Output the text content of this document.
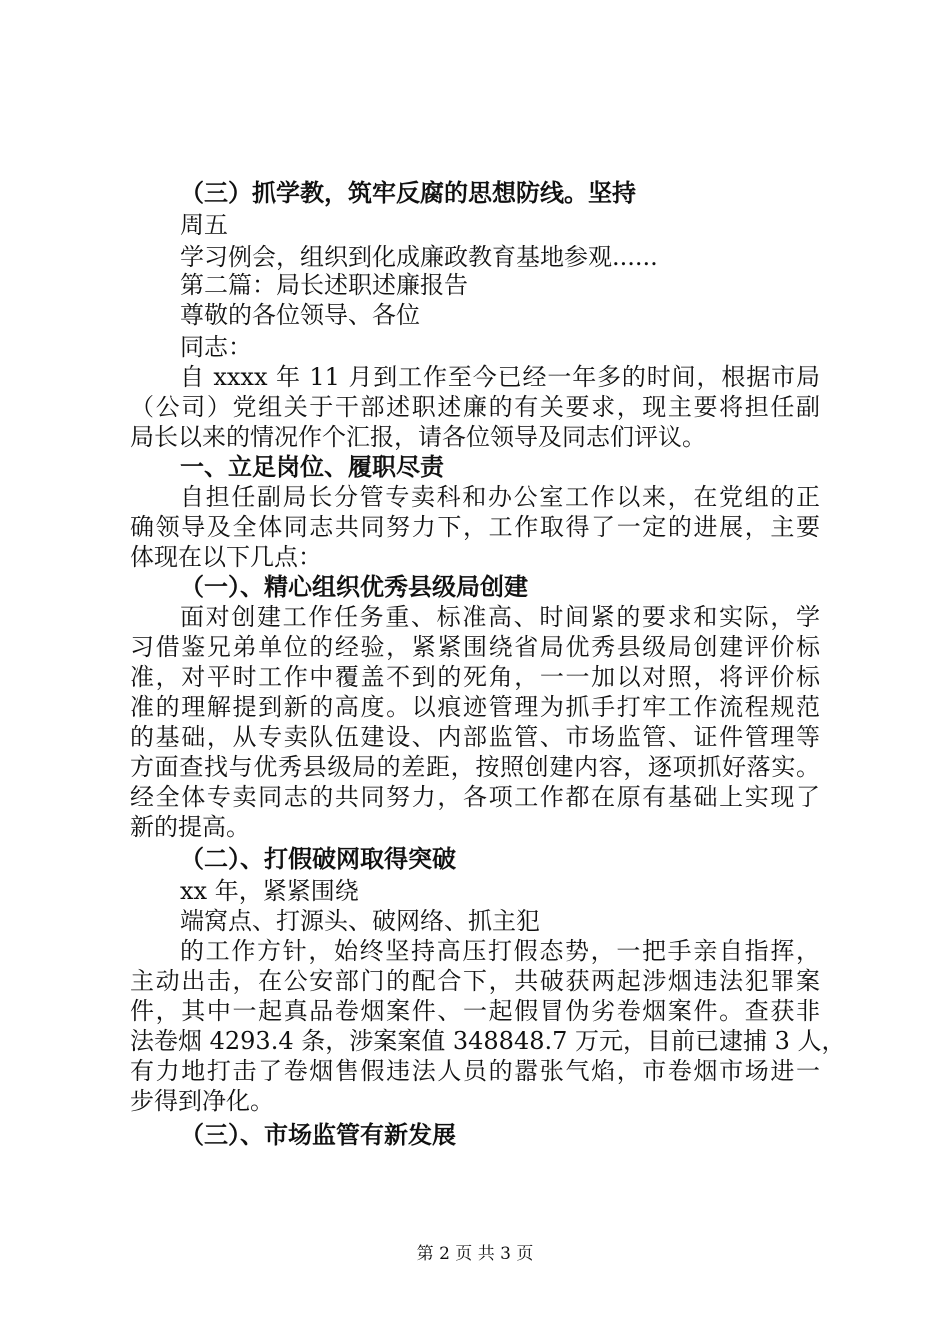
（三）抓学教，筑牢反腐的思想防线。坚持
周五
学习例会，组织到化成廉政教育基地参观......
第二篇：局长述职述廉报告
尊敬的各位领导、各位
同志：
自 xxxx 年 11 月到工作至今已经一年多的时间，根据市局
（公司）党组关于干部述职述廉的有关要求，现主要将担任副
局长以来的情况作个汇报，请各位领导及同志们评议。
一、立足岗位、履职尽责
自担任副局长分管专卖科和办公室工作以来，在党组的正
确领导及全体同志共同努力下，工作取得了一定的进展，主要
体现在以下几点：
（一）、精心组织优秀县级局创建
面对创建工作任务重、标准高、时间紧的要求和实际，学
习借鉴兄弟单位的经验，紧紧围绕省局优秀县级局创建评价标
准，对平时工作中覆盖不到的死角，一一加以对照，将评价标
准的理解提到新的高度。以痕迹管理为抓手打牢工作流程规范
的基础，从专卖队伍建设、内部监管、市场监管、证件管理等
方面查找与优秀县级局的差距，按照创建内容，逐项抓好落实。
经全体专卖同志的共同努力，各项工作都在原有基础上实现了
新的提高。
（二）、打假破网取得突破
xx 年，紧紧围绕
端窝点、打源头、破网络、抓主犯
的工作方针，始终坚持高压打假态势，一把手亲自指挥，
主动出击，在公安部门的配合下，共破获两起涉烟违法犯罪案
件，其中一起真品卷烟案件、一起假冒伪劣卷烟案件。查获非
法卷烟 4293.4 条，涉案案值 348848.7 万元，目前已逮捕 3 人，
有力地打击了卷烟售假违法人员的嚣张气焰，市卷烟市场进一
步得到净化。
（三）、市场监管有新发展
第 2 页 共 3 页
